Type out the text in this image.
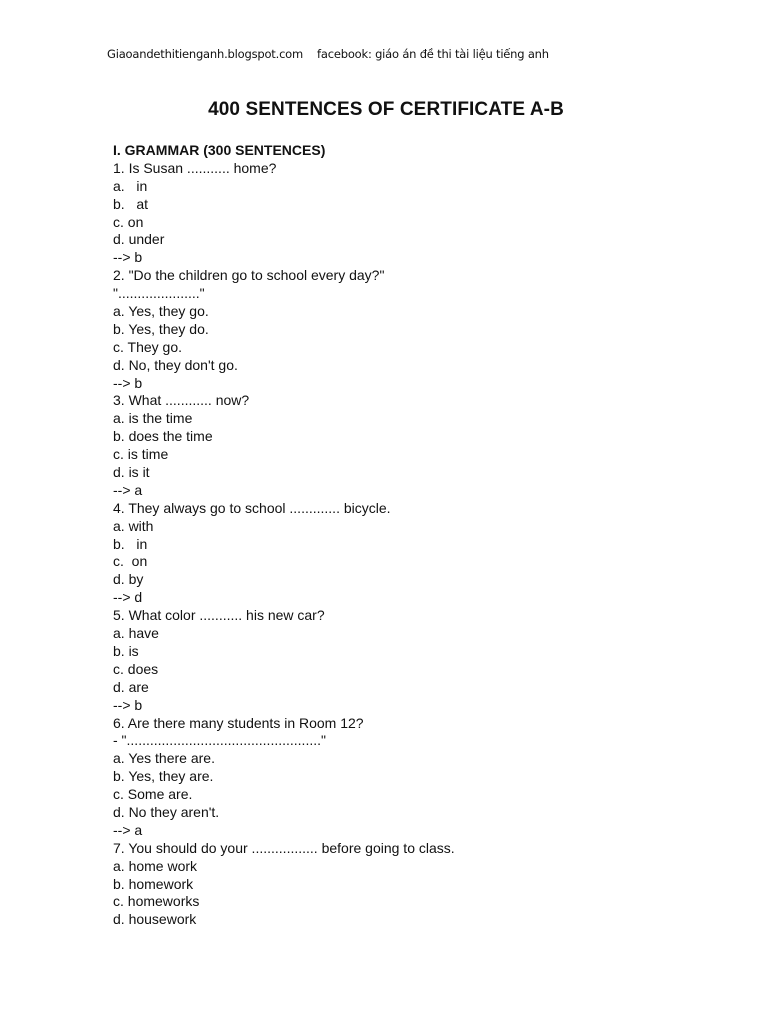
Giaoandethitienganh.blogspot.com facebook: giáo án đề thi tài liệu tiếng anh
400 SENTENCES OF CERTIFICATE A-B
I. GRAMMAR (300 SENTENCES)
1. Is Susan ........... home?
a.   in
b.   at
c. on
d. under
--> b
2. "Do the children go to school every day?"
"....................."
a. Yes, they go.
b. Yes, they do.
c. They go.
d. No, they don't go.
--> b
3. What ............ now?
a. is the time
b. does the time
c. is time
d. is it
--> a
4. They always go to school ............. bicycle.
a. with
b.   in
c.  on
d. by
--> d
5. What color ........... his new car?
a. have
b. is
c. does
d. are
--> b
6. Are there many students in Room 12?
- ".................................................."
a. Yes there are.
b. Yes, they are.
c. Some are.
d. No they aren't.
--> a
7. You should do your ................. before going to class.
a. home work
b. homework
c. homeworks
d. housework
